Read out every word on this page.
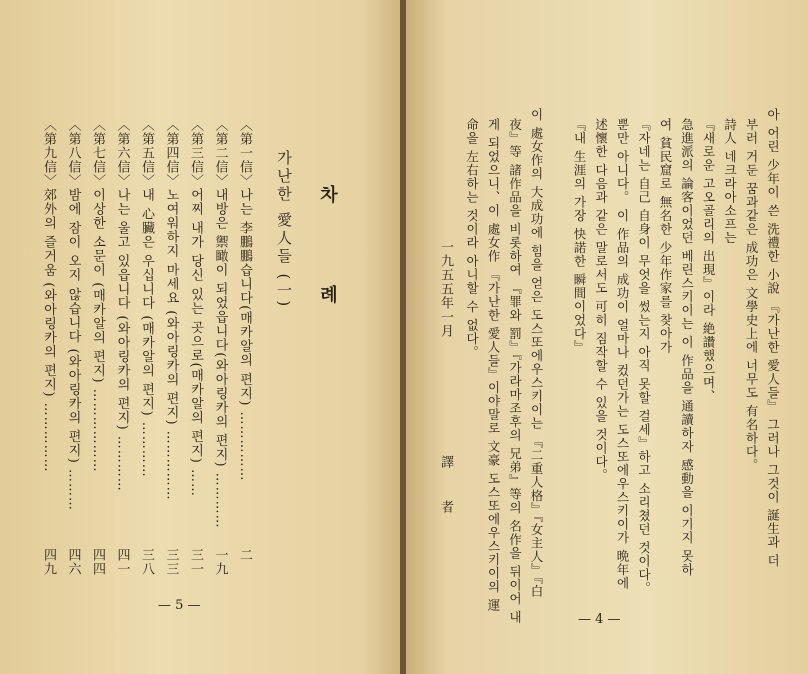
차 례
가난한 愛人들 (一)
〈第一信〉
나는 李鵬鵬습니다(매카알의 편지) ……………
二
〈第二信〉
내방은 禦瞰이 되었읍니다(와아링카의 편지) …………
一九
〈第三信〉
어찌 내가 당신 있는 곳으로(매카알의 편지) ……
三一
〈第四信〉
노여워하지 마세요 (와아링카의 편지) ……………
三三
〈第五信〉
내 心臟은 우십니다 (매카알의 편지) …………
三八
〈第六信〉
나는 울고 있읍니다 (와아링카의 편지) …………
四一
〈第七信〉
이상한 소문이 (매카알의 편지) ………………
四四
〈第八信〉
밤에 잠이 오지 않습니다 (와아링카의 편지) ………
四六
〈第九信〉
郊外의 즐거움 (와아링카의 편지) ……………
四九
— 5 —
아 어린 少年이 쓴 洗禮한 小說 『가난한 愛人들』 그러나 그것이 誕生과 더
부러 거둔 꿈과같은 成功은 文學史上에 너무도 有名하다。
詩人 네크라아소프는
『새로운 고오골리의 出現』이라 絶讚했으며、
急進派의 論客이었던 베린스키이는 이 作品을 通讀하자 感動을 이기지 못하
여 貧民窟로 無名한 少年作家를 찾아가
『자네는 自己 自身이 무엇을 썼는지 아직 못할 걸세』하고 소리쳤던 것이다。
뿐만 아니다。 이 作品의 成功이 얼마나 컸던가는 도스또에우스키이가 晩年에
述懷한 다음과 같은 말로서도 可히 짐작할 수 있을 것이다。
『내 生涯의 가장 快諾한 瞬間이었다』
이 處女作의 大成功에 힘을 얻은 도스또에우스키이는 『二重人格』『女主人』『白
夜』等 諸作品을 비롯하여 『罪와 罰』『가라마조후의 兄弟』等의 名作을 뒤이어 내
게 되었으니、이 處女作 『가난한 愛人들』이야말로 文豪 도스또에우스키이의 運
命을 左右하는 것이라 아니할 수 없다。
一九五五年一月
譯 者
— 4 —
